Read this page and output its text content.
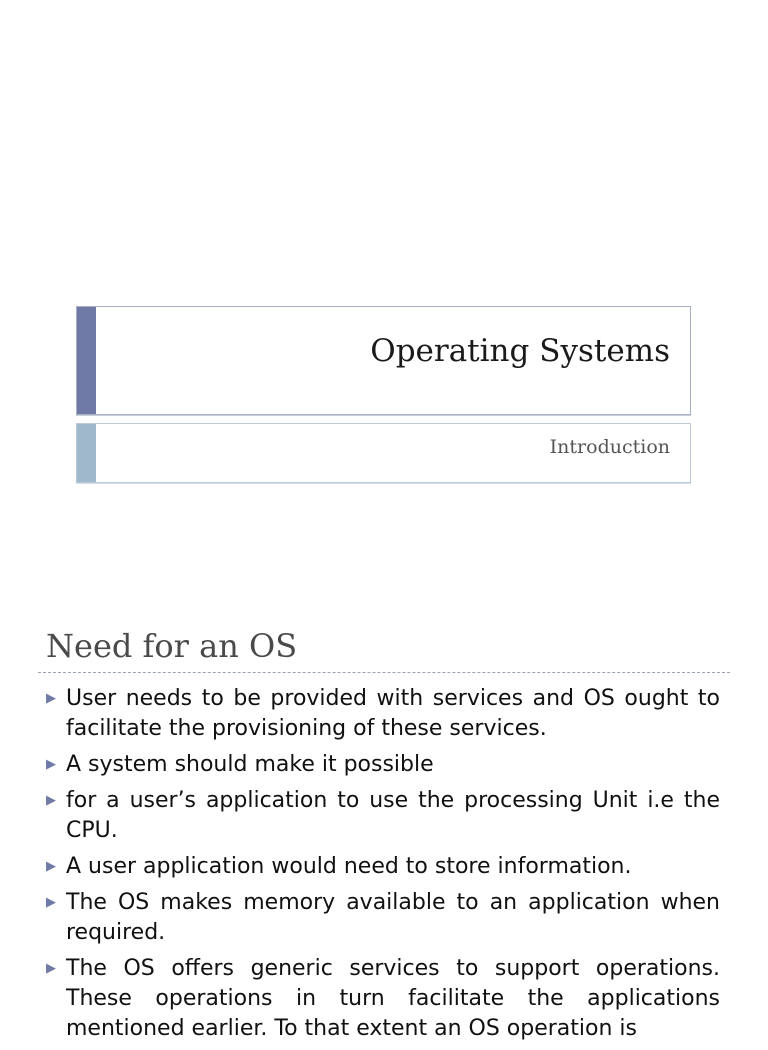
Operating Systems

Introduction

Need for an OS
▶ User needs to be provided with services and OS ought to facilitate the provisioning of these services.
▶ A system should make it possible
▶ for a user’s application to use the processing Unit i.e the CPU.
▶ A user application would need to store information.
▶ The OS makes memory available to an application when required.
▶ The OS offers generic services to support operations. These operations in turn facilitate the applications mentioned earlier. To that extent an OS operation is
